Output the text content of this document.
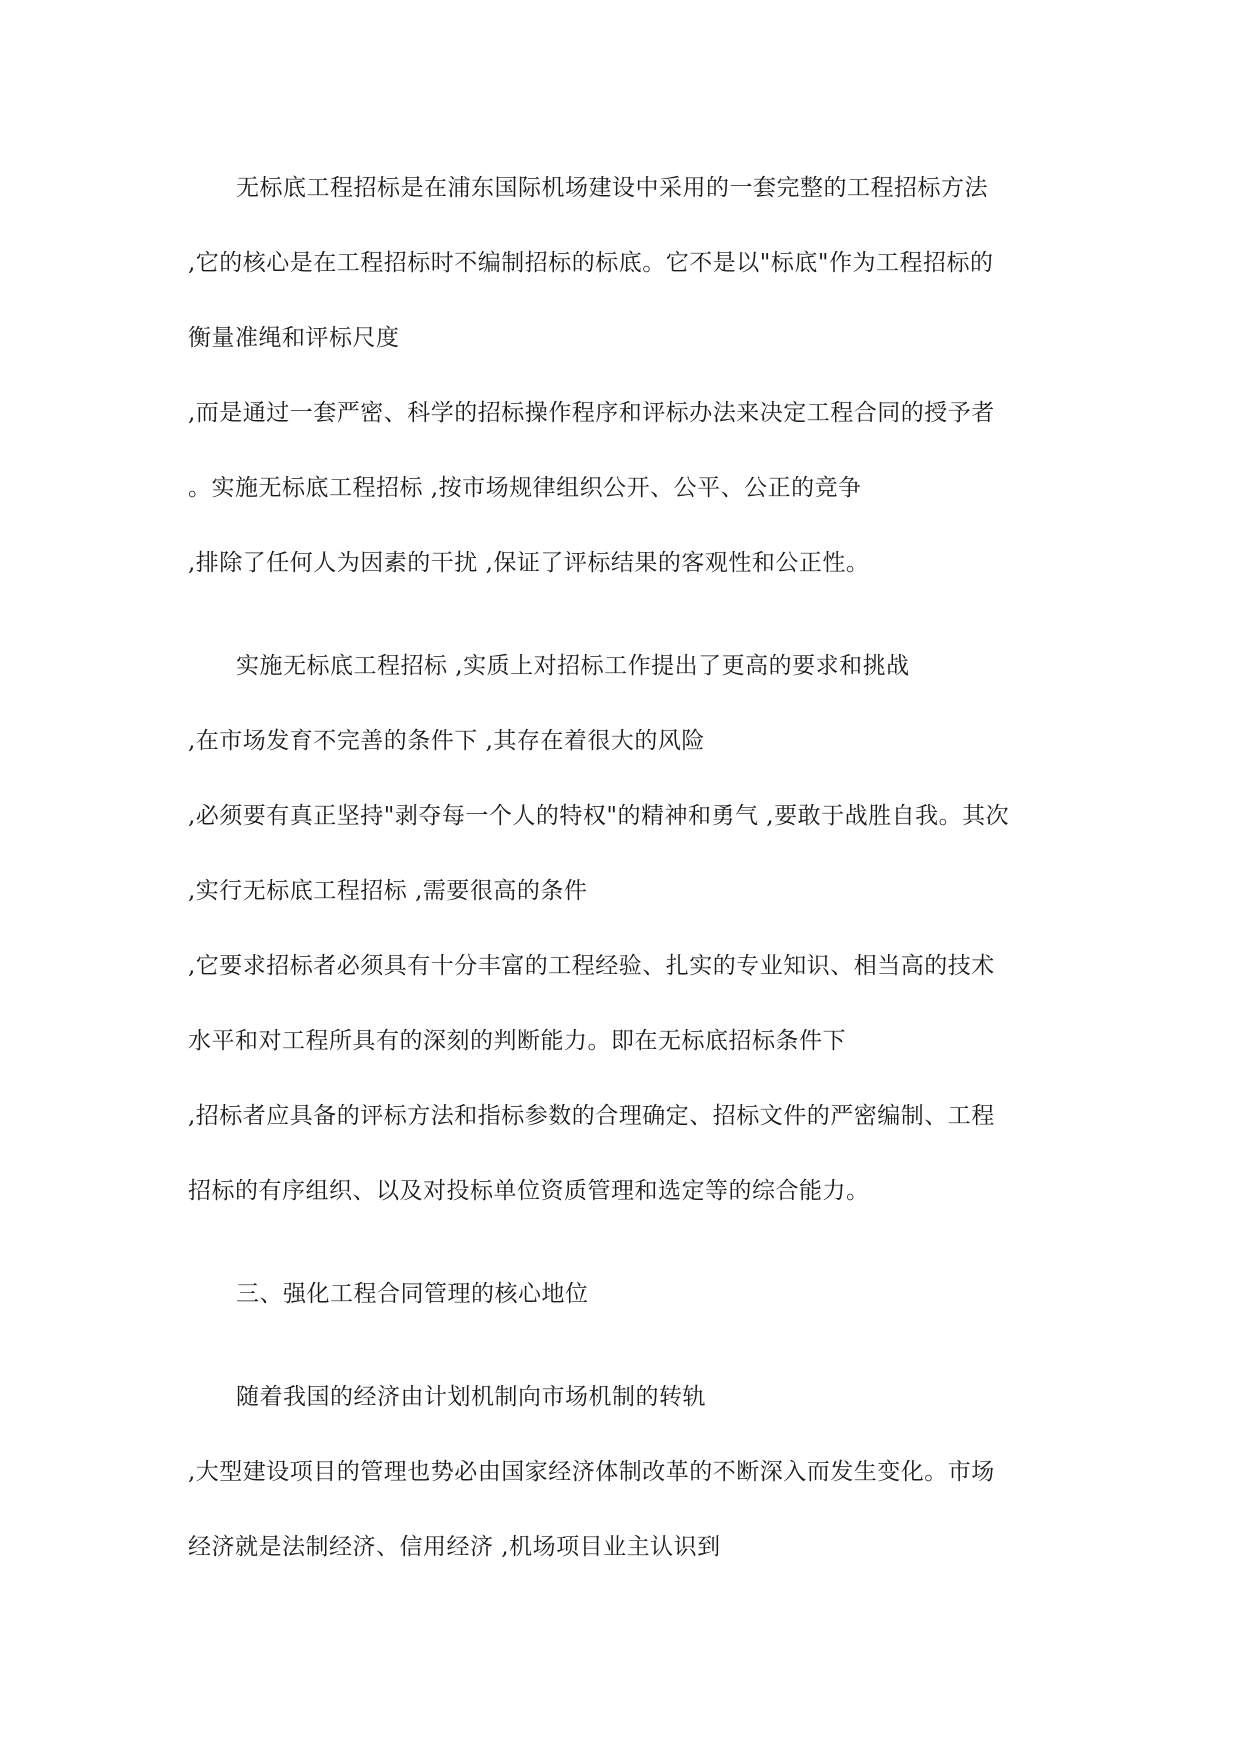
无标底工程招标是在浦东国际机场建设中采用的一套完整的工程招标方法
,它的核心是在工程招标时不编制招标的标底。它不是以"标底"作为工程招标的
衡量准绳和评标尺度
,而是通过一套严密、科学的招标操作程序和评标办法来决定工程合同的授予者
。实施无标底工程招标 ,按市场规律组织公开、公平、公正的竞争
,排除了任何人为因素的干扰 ,保证了评标结果的客观性和公正性。
实施无标底工程招标 ,实质上对招标工作提出了更高的要求和挑战
,在市场发育不完善的条件下 ,其存在着很大的风险
,必须要有真正坚持"剥夺每一个人的特权"的精神和勇气 ,要敢于战胜自我。其次
,实行无标底工程招标 ,需要很高的条件
,它要求招标者必须具有十分丰富的工程经验、扎实的专业知识、相当高的技术
水平和对工程所具有的深刻的判断能力。即在无标底招标条件下
,招标者应具备的评标方法和指标参数的合理确定、招标文件的严密编制、工程
招标的有序组织、以及对投标单位资质管理和选定等的综合能力。
三、强化工程合同管理的核心地位
随着我国的经济由计划机制向市场机制的转轨
,大型建设项目的管理也势必由国家经济体制改革的不断深入而发生变化。市场
经济就是法制经济、信用经济 ,机场项目业主认识到
